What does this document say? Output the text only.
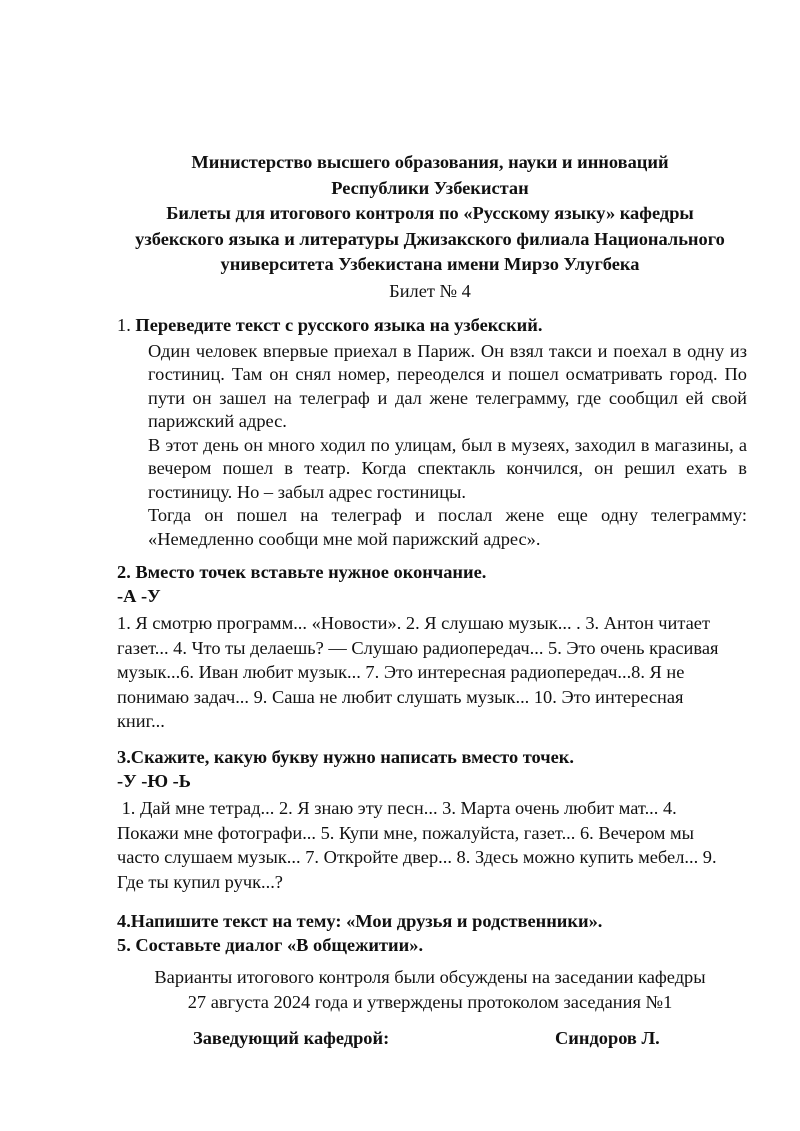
Министерство высшего образования, науки и инноваций
Республики Узбекистан
Билеты для итогового контроля по «Русскому языку» кафедры
узбекского языка и литературы Джизакского филиала Национального
университета Узбекистана имени Мирзо Улугбека
Билет № 4
1. Переведите текст с русского языка на узбекский.
Один человек впервые приехал в Париж. Он взял такси и поехал в одну из гостиниц. Там он снял номер, переоделся и пошел осматривать город. По пути он зашел на телеграф и дал жене телеграмму, где сообщил ей свой парижский адрес.
В этот день он много ходил по улицам, был в музеях, заходил в магазины, а вечером пошел в театр. Когда спектакль кончился, он решил ехать в гостиницу. Но – забыл адрес гостиницы.
Тогда он пошел на телеграф и послал жене еще одну телеграмму: «Немедленно сообщи мне мой парижский адрес».
2. Вместо точек вставьте нужное окончание.
-А -У
1. Я смотрю программ... «Новости». 2. Я слушаю музык... . 3. Антон читает
газет... 4. Что ты делаешь? — Слушаю радиопередач... 5. Это очень красивая
музык...6. Иван любит музык... 7. Это интересная радиопередач...8. Я не
понимаю задач... 9. Саша не любит слушать музык... 10. Это интересная
книг...
3.Скажите, какую букву нужно написать вместо точек.
-У -Ю -Ь
1. Дай мне тетрад... 2. Я знаю эту песн... 3. Марта очень любит мат... 4.
Покажи мне фотографи... 5. Купи мне, пожалуйста, газет... 6. Вечером мы
часто слушаем музык... 7. Откройте двер... 8. Здесь можно купить мебел... 9.
Где ты купил ручк...?
4.Напишите текст на тему: «Мои друзья и родственники».
5. Составьте диалог «В общежитии».
Варианты итогового контроля были обсуждены на заседании кафедры
27 августа 2024 года и утверждены протоколом заседания №1
Заведующий кафедрой:	Синдоров Л.
